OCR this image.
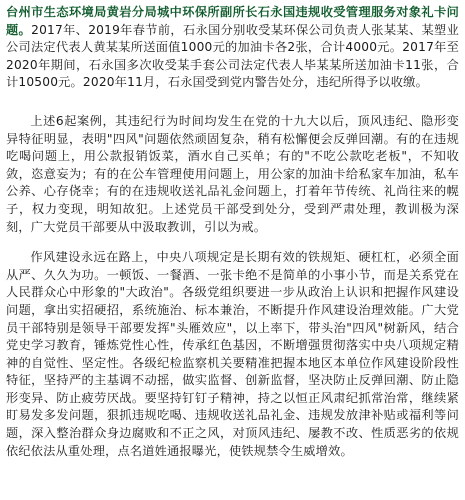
台州市生态环境局黄岩分局城中环保所副所长石永国违规收受管理服务对象礼卡问题。2017年、2019年春节前，石永国分别收受某环保公司负责人张某某、某塑业公司法定代表人黄某某所送面值1000元的加油卡各2张，合计4000元。2017年至2020年期间，石永国多次收受某手套公司法定代表人毕某某所送加油卡11张，合计10500元。2020年11月，石永国受到党内警告处分，违纪所得予以收缴。

上述6起案例，其违纪行为时间均发生在党的十九大以后，顶风违纪、隐形变异特征明显，表明"四风"问题依然顽固复杂，稍有松懈便会反弹回潮。有的在违规吃喝问题上，用公款报销饭菜，酒水自己买单；有的"不吃公款吃老板"，不知收敛，恣意妄为；有的在公车管理使用问题上，用公家的加油卡给私家车加油，私车公养、心存侥幸；有的在违规收送礼品礼金问题上，打着年节传统、礼尚往来的幌子，权力变现，明知故犯。上述党员干部受到处分，受到严肃处理，教训极为深刻，广大党员干部要从中汲取教训，引以为戒。

作风建设永远在路上，中央八项规定是长期有效的铁规矩、硬杠杠，必须全面从严、久久为功。一顿饭、一餐酒、一张卡绝不是简单的小事小节，而是关系党在人民群众心中形象的"大政治"。各级党组织要进一步从政治上认识和把握作风建设问题，拿出实招硬招，系统施治、标本兼治，不断提升作风建设治理效能。广大党员干部特别是领导干部要发挥"头雁效应"，以上率下，带头治"四风"树新风，结合党史学习教育，锤炼党性心性，传承红色基因，不断增强贯彻落实中央八项规定精神的自觉性、坚定性。各级纪检监察机关要精准把握本地区本单位作风建设阶段性特征，坚持严的主基调不动摇，做实监督、创新监督，坚决防止反弹回潮、防止隐形变异、防止疲劳厌战。要坚持钉钉子精神，持之以恒正风肃纪抓常治常，继续紧盯易发多发问题，狠抓违规吃喝、违规收送礼品礼金、违规发放津补贴或福利等问题，深入整治群众身边腐败和不正之风，对顶风违纪、屡教不改、性质恶劣的依规依纪依法从重处理，点名道姓通报曝光，使铁规禁令生威增效。
